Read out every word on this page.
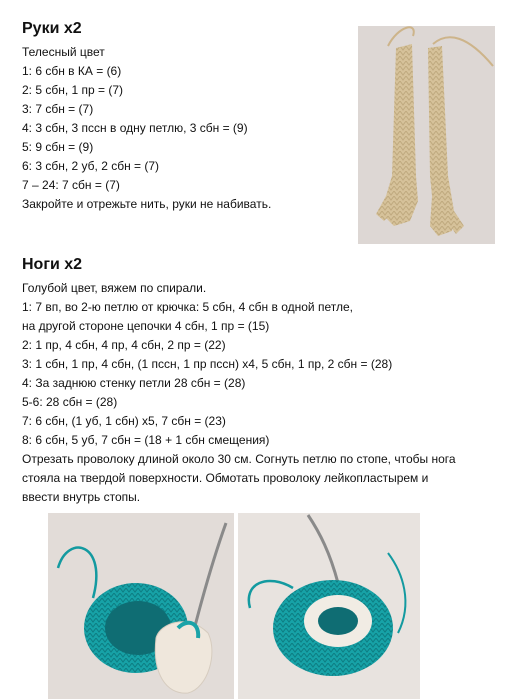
Руки х2
Телесный цвет
1: 6 сбн в КА = (6)
2: 5 сбн, 1 пр = (7)
3: 7 сбн = (7)
4: 3 сбн, 3 пссн в одну петлю, 3 сбн = (9)
5: 9 сбн = (9)
6: 3 сбн, 2 уб, 2 сбн = (7)
7 – 24: 7 сбн = (7)
Закройте и отрежьте нить, руки не набивать.
Ноги х2
Голубой цвет, вяжем по спирали.
1: 7 вп, во 2-ю петлю от крючка: 5 сбн, 4 сбн в одной петле,
на другой стороне цепочки 4 сбн, 1 пр = (15)
2: 1 пр, 4 сбн, 4 пр, 4 сбн, 2 пр = (22)
3: 1 сбн, 1 пр, 4 сбн, (1 пссн, 1 пр пссн) х4, 5 сбн, 1 пр, 2 сбн = (28)
4: За заднюю стенку петли 28 сбн = (28)
5-6: 28 сбн = (28)
7: 6 сбн, (1 уб, 1 сбн) х5, 7 сбн = (23)
8: 6 сбн, 5 уб, 7 сбн = (18 + 1 сбн смещения)
Отрезать проволоку длиной около 30 см. Согнуть петлю по стопе, чтобы нога
стояла на твердой поверхности. Обмотать проволоку лейкопластырем и
ввести внутрь стопы.
